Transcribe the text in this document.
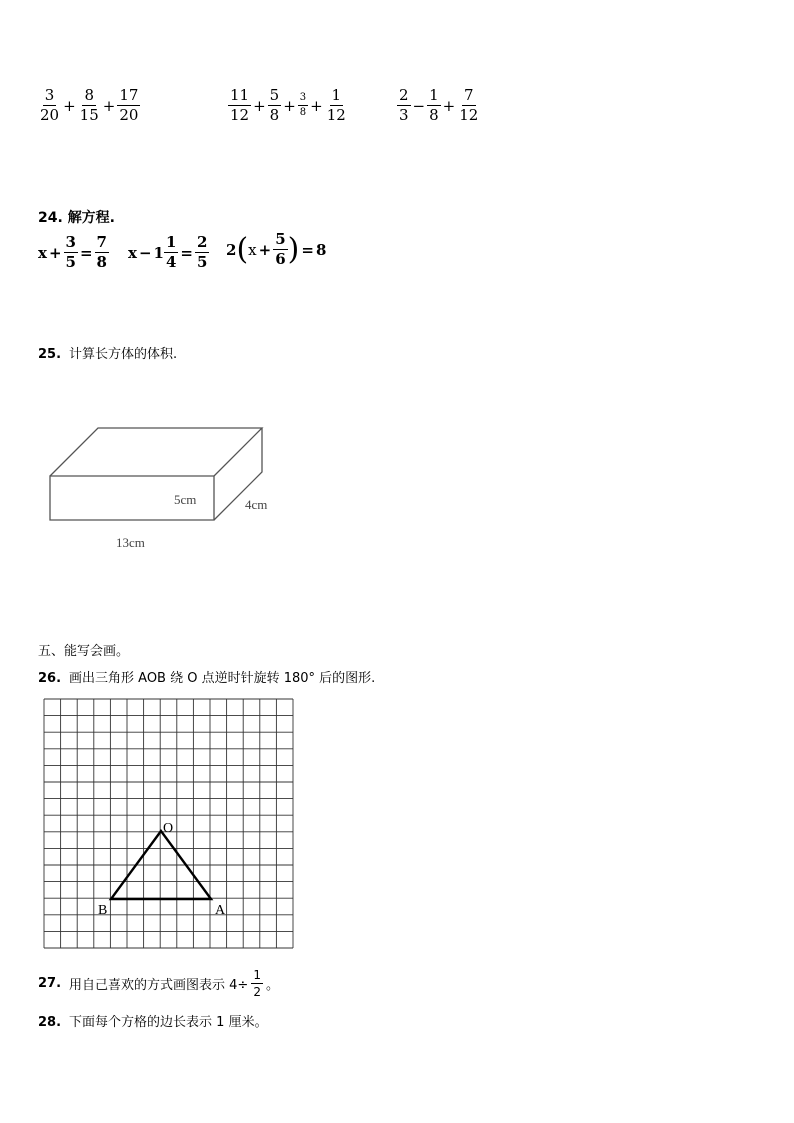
$\frac{3}{20} + \frac{8}{15} + \frac{17}{20}$	$\frac{11}{12} + \frac{5}{8} + \frac{3}{8} + \frac{1}{12}$	$\frac{2}{3} - \frac{1}{8} + \frac{7}{12}$
24. 解方程.
$x + \frac{3}{5} = \frac{7}{8}$ $x - 1 \frac{1}{4} = \frac{2}{5} 2$ ( $x + \frac{5}{6}$ ) = 8
25. 计算长方体的体积.
5cm	4cm
13cm
五、能写会画。
26. 画出三角形 AOB 绕 O 点逆时针旋转 180° 后的图形.
O
B	A
27. 用自己喜欢的方式画图表示 $4\div \frac{1}{2}$ 。
28. 下面每个方格的边长表示 1 厘米。
